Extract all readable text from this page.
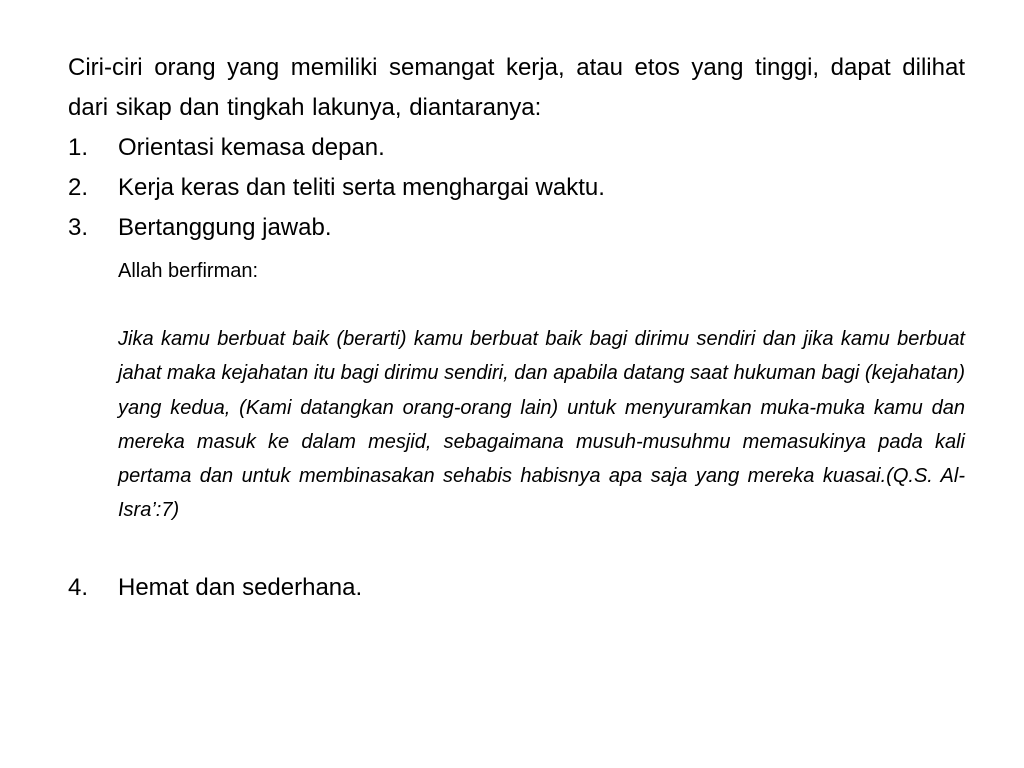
Ciri-ciri orang yang memiliki semangat kerja, atau etos yang tinggi, dapat dilihat dari sikap dan tingkah lakunya, diantaranya:

1.	Orientasi kemasa depan.
2.	Kerja keras dan teliti serta menghargai waktu.
3.	Bertanggung jawab.

Allah berfirman:

Jika kamu berbuat baik (berarti) kamu berbuat baik bagi dirimu sendiri dan jika kamu berbuat jahat maka kejahatan itu bagi dirimu sendiri, dan apabila datang saat hukuman bagi (kejahatan) yang kedua, (Kami datangkan orang-orang lain) untuk menyuramkan muka-muka kamu dan mereka masuk ke dalam mesjid, sebagaimana musuh-musuhmu memasukinya pada kali pertama dan untuk membinasakan sehabis habisnya apa saja yang mereka kuasai.(Q.S. Al-Isra’:7)

4.	Hemat dan sederhana.
